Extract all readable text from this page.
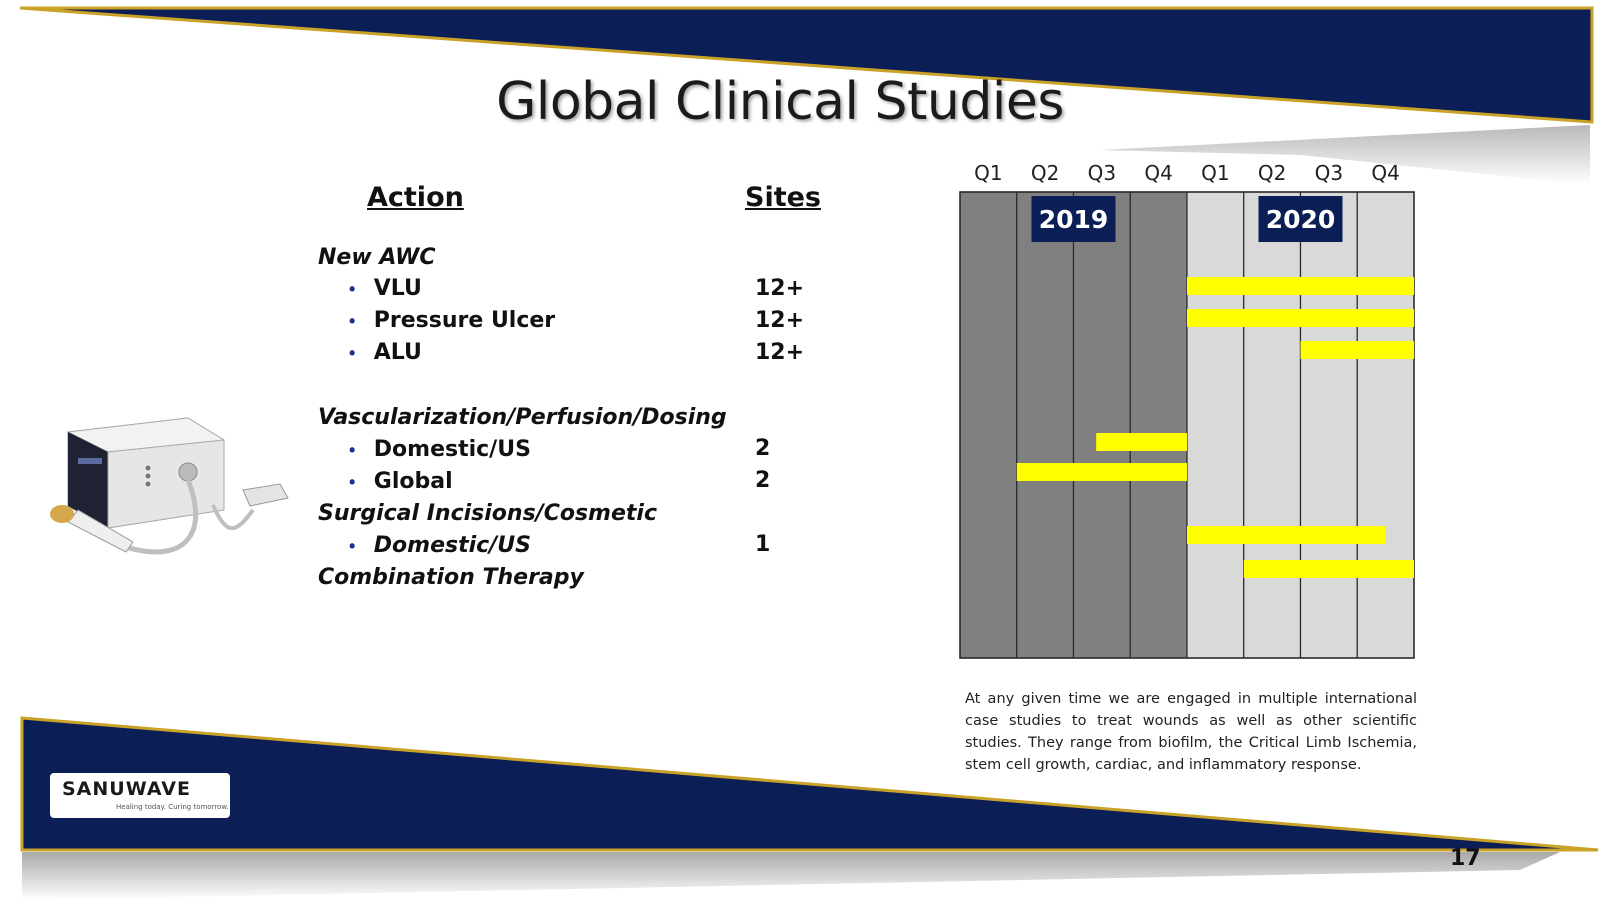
Global Clinical Studies
Action	Sites
New AWC
• VLU	12+
• Pressure Ulcer	12+
• ALU	12+
Vascularization/Perfusion/Dosing
• Domestic/US	2
• Global	2
Surgical Incisions/Cosmetic
• Domestic/US	1
Combination Therapy
Q1 Q2 Q3 Q4 Q1 Q2 Q3 Q4
2019	2020
At any given time we are engaged in multiple international case studies to treat wounds as well as other scientific studies. They range from biofilm, the Critical Limb Ischemia, stem cell growth, cardiac, and inflammatory response.
SANUWAVE
Healing today. Curing tomorrow.
17
